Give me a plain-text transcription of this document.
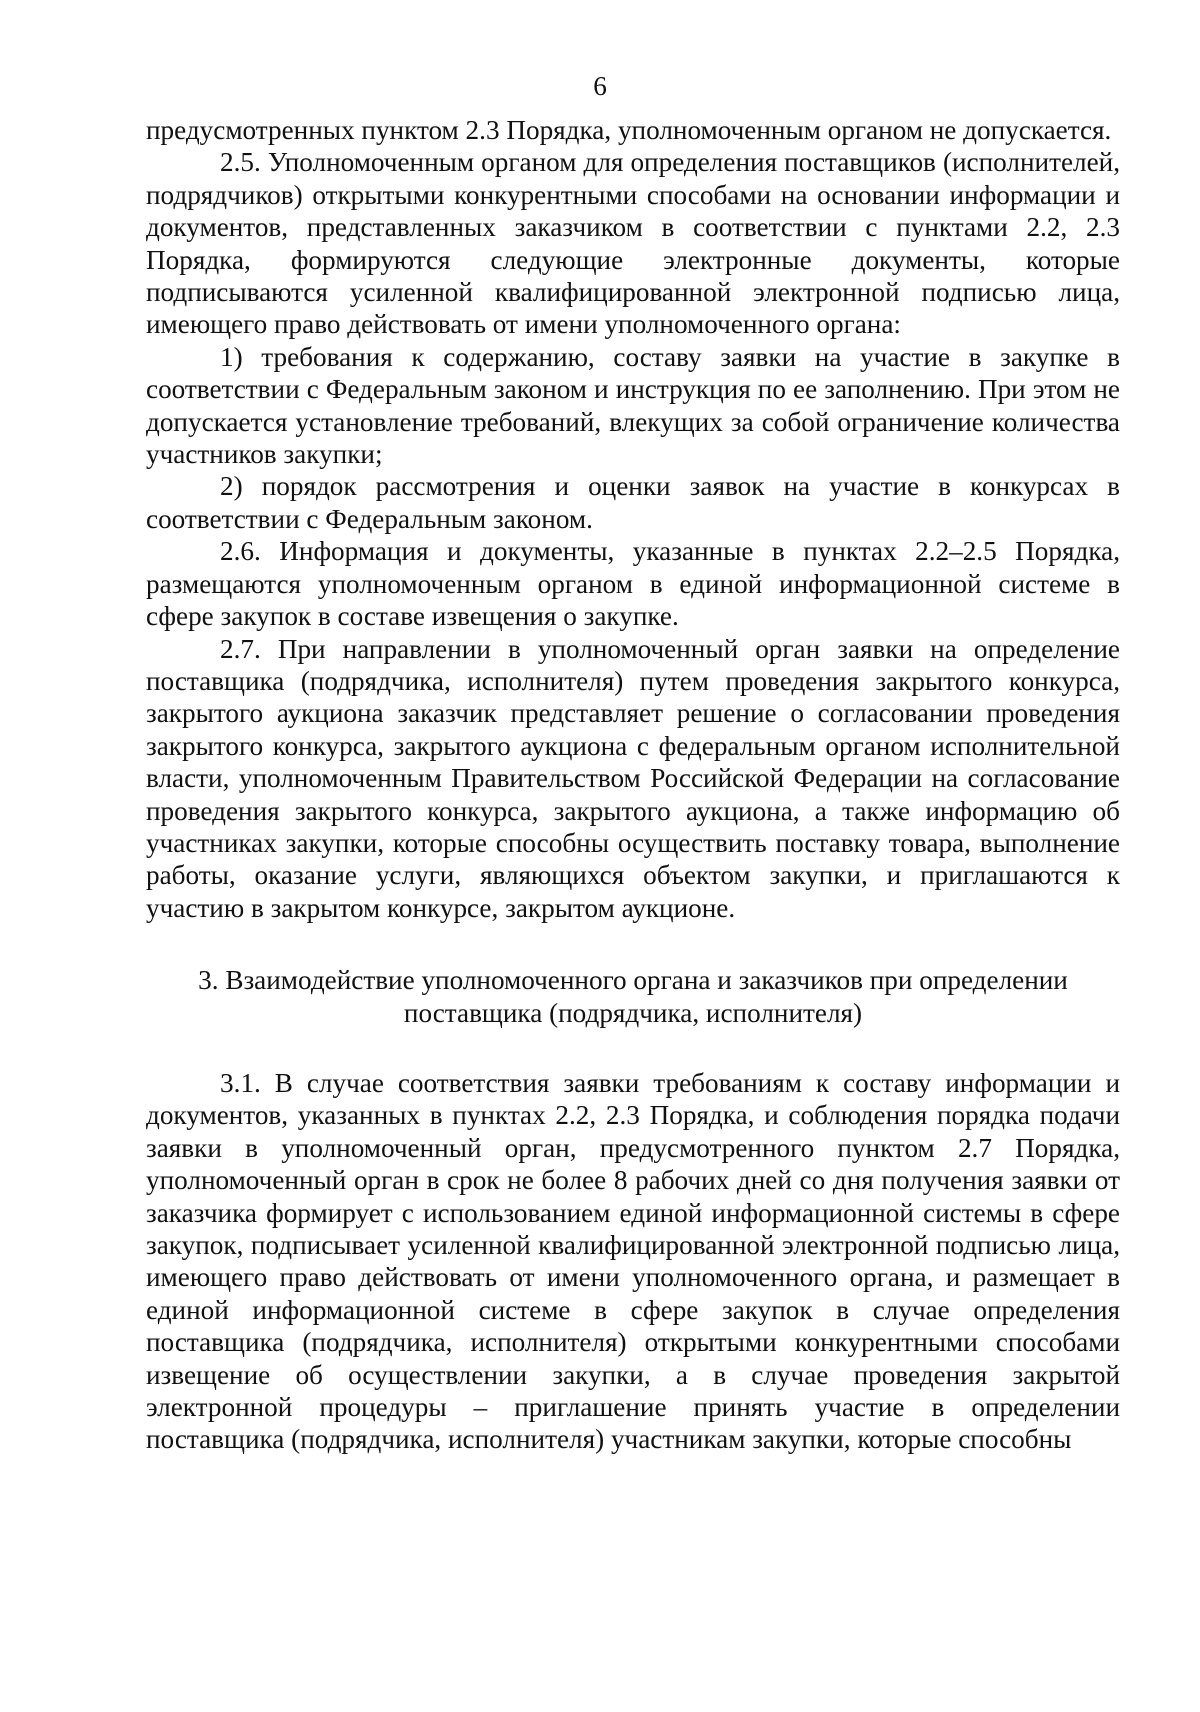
6

предусмотренных пунктом 2.3 Порядка, уполномоченным органом не допускается.

2.5. Уполномоченным органом для определения поставщиков (исполнителей, подрядчиков) открытыми конкурентными способами на основании информации и документов, представленных заказчиком в соответствии с пунктами 2.2, 2.3 Порядка, формируются следующие электронные документы, которые подписываются усиленной квалифицированной электронной подписью лица, имеющего право действовать от имени уполномоченного органа:

1) требования к содержанию, составу заявки на участие в закупке в соответствии с Федеральным законом и инструкция по ее заполнению. При этом не допускается установление требований, влекущих за собой ограничение количества участников закупки;

2) порядок рассмотрения и оценки заявок на участие в конкурсах в соответствии с Федеральным законом.

2.6. Информация и документы, указанные в пунктах 2.2–2.5 Порядка, размещаются уполномоченным органом в единой информационной системе в сфере закупок в составе извещения о закупке.

2.7. При направлении в уполномоченный орган заявки на определение поставщика (подрядчика, исполнителя) путем проведения закрытого конкурса, закрытого аукциона заказчик представляет решение о согласовании проведения закрытого конкурса, закрытого аукциона с федеральным органом исполнительной власти, уполномоченным Правительством Российской Федерации на согласование проведения закрытого конкурса, закрытого аукциона, а также информацию об участниках закупки, которые способны осуществить поставку товара, выполнение работы, оказание услуги, являющихся объектом закупки, и приглашаются к участию в закрытом конкурсе, закрытом аукционе.

3. Взаимодействие уполномоченного органа и заказчиков при определении
поставщика (подрядчика, исполнителя)

3.1. В случае соответствия заявки требованиям к составу информации и документов, указанных в пунктах 2.2, 2.3 Порядка, и соблюдения порядка подачи заявки в уполномоченный орган, предусмотренного пунктом 2.7 Порядка, уполномоченный орган в срок не более 8 рабочих дней со дня получения заявки от заказчика формирует с использованием единой информационной системы в сфере закупок, подписывает усиленной квалифицированной электронной подписью лица, имеющего право действовать от имени уполномоченного органа, и размещает в единой информационной системе в сфере закупок в случае определения поставщика (подрядчика, исполнителя) открытыми конкурентными способами извещение об осуществлении закупки, а в случае проведения закрытой электронной процедуры – приглашение принять участие в определении поставщика (подрядчика, исполнителя) участникам закупки, которые способны
